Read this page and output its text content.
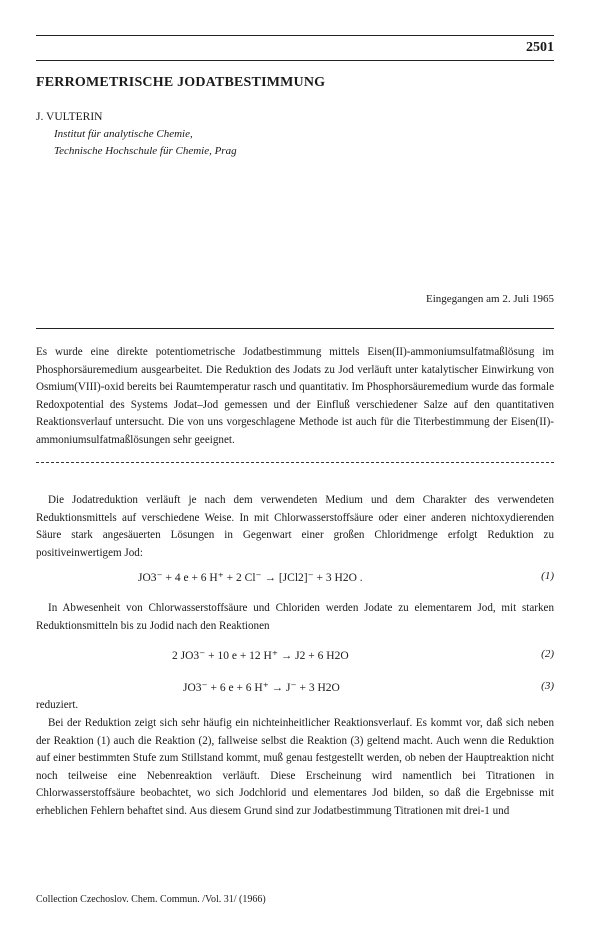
2501
FERROMETRISCHE JODATBESTIMMUNG
J. VULTERIN
Institut für analytische Chemie,
Technische Hochschule für Chemie, Prag
Eingegangen am 2. Juli 1965

Es wurde eine direkte potentiometrische Jodatbestimmung mittels Eisen(II)-ammoniumsulfatmaßlösung im Phosphorsäuremedium ausgearbeitet. Die Reduktion des Jodats zu Jod verläuft unter katalytischer Einwirkung von Osmium(VIII)-oxid bereits bei Raumtemperatur rasch und quantitativ. Im Phosphorsäuremedium wurde das formale Redoxpotential des Systems Jodat–Jod gemessen und der Einfluß verschiedener Salze auf den quantitativen Reaktionsverlauf untersucht. Die von uns vorgeschlagene Methode ist auch für die Titerbestimmung der Eisen(II)-ammoniumsulfatmaßlösungen sehr geeignet.

Die Jodatreduktion verläuft je nach dem verwendeten Medium und dem Charakter des verwendeten Reduktionsmittels auf verschiedene Weise. In mit Chlorwasserstoffsäure oder einer anderen nichtoxydierenden Säure stark angesäuerten Lösungen in Gegenwart einer großen Chloridmenge erfolgt Reduktion zu positiveinwertigem Jod:

JO3⁻ + 4 e + 6 H⁺ + 2 Cl⁻ → [JCl2]⁻ + 3 H2O .	(1)

In Abwesenheit von Chlorwasserstoffsäure und Chloriden werden Jodate zu elementarem Jod, mit starken Reduktionsmitteln bis zu Jodid nach den Reaktionen

2 JO3⁻ + 10 e + 12 H⁺ → J2 + 6 H2O	(2)
JO3⁻ + 6 e + 6 H⁺ → J⁻ + 3 H2O	(3)

reduziert.

Bei der Reduktion zeigt sich sehr häufig ein nichteinheitlicher Reaktionsverlauf. Es kommt vor, daß sich neben der Reaktion (1) auch die Reaktion (2), fallweise selbst die Reaktion (3) geltend macht. Auch wenn die Reduktion auf einer bestimmten Stufe zum Stillstand kommt, muß genau festgestellt werden, ob neben der Hauptreaktion nicht noch teilweise eine Nebenreaktion verläuft. Diese Erscheinung wird namentlich bei Titrationen in Chlorwasserstoffsäure beobachtet, wo sich Jodchlorid und elementares Jod bilden, so daß die Ergebnisse mit erheblichen Fehlern behaftet sind. Aus diesem Grund sind zur Jodatbestimmung Titrationen mit drei-1 und

Collection Czechoslov. Chem. Commun. /Vol. 31/ (1966)
